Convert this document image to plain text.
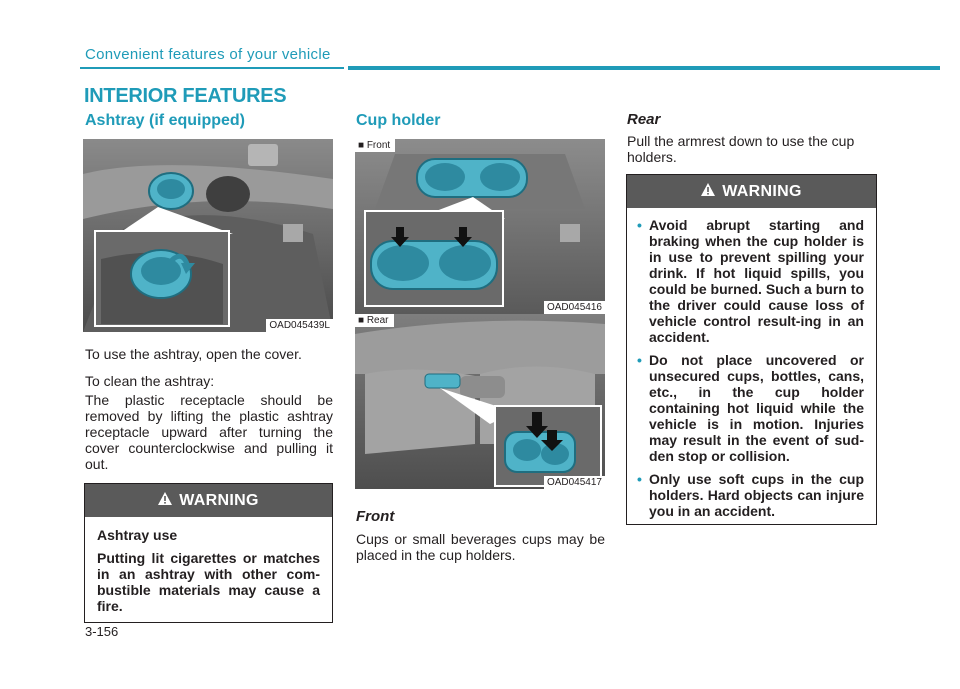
Convenient features of your vehicle
INTERIOR FEATURES
Ashtray (if equipped)
OAD045439L
To use the ashtray, open the cover.
To clean the ashtray:
The plastic receptacle should be removed by lifting the plastic ashtray receptacle upward after turning the cover counterclockwise and pulling it out.
WARNING

Ashtray use

Putting lit cigarettes or matches in an ashtray with other com-bustible materials may cause a fire.

Cup holder
■ Front
OAD045416
■ Rear
OAD045417
Front
Cups or small beverages cups may be placed in the cup holders.
Rear
Pull the armrest down to use the cup holders.
WARNING
• Avoid abrupt starting and braking when the cup holder is in use to prevent spilling your drink. If hot liquid spills, you could be burned. Such a burn to the driver could cause loss of vehicle control result-ing in an accident.
• Do not place uncovered or unsecured cups, bottles, cans, etc., in the cup holder containing hot liquid while the vehicle is in motion. Injuries may result in the event of sud-den stop or collision.
• Only use soft cups in the cup holders. Hard objects can injure you in an accident.
3-156
